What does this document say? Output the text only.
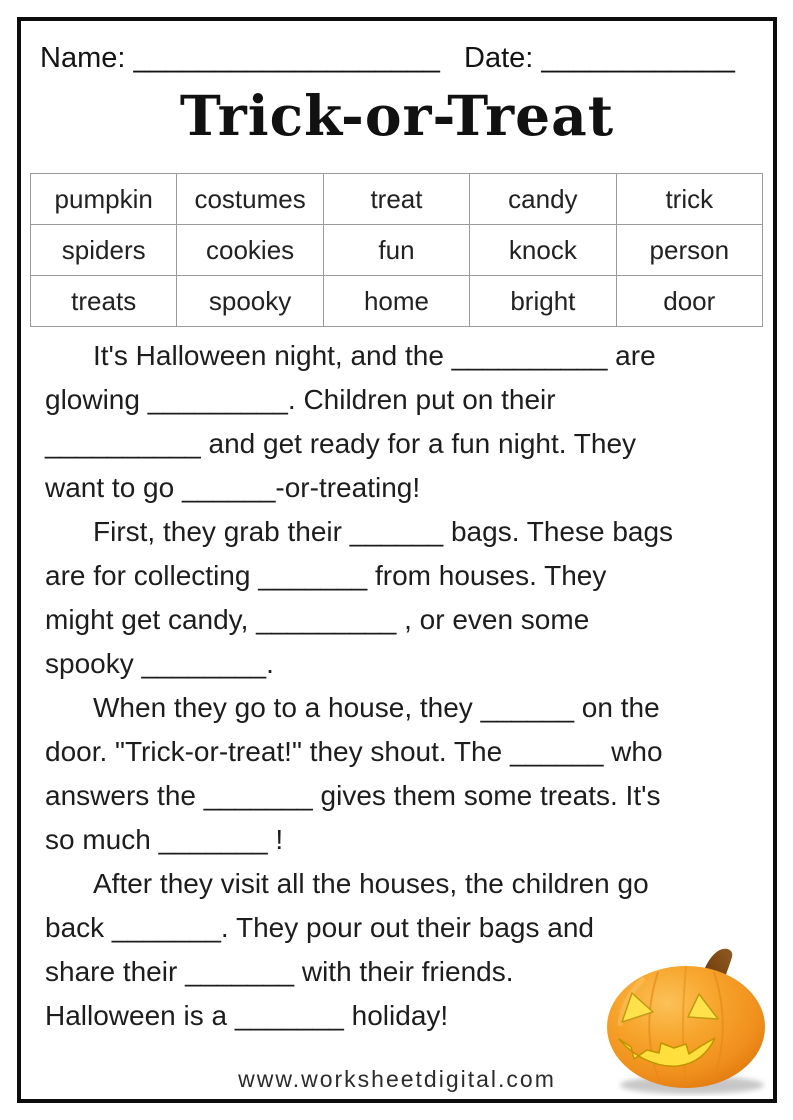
Name: ___________________ Date: ____________
Trick-or-Treat
pumpkin	costumes	treat	candy	trick
spiders	cookies	fun	knock	person
treats	spooky	home	bright	door
It's Halloween night, and the __________ are
glowing _________. Children put on their
__________ and get ready for a fun night. They
want to go ______-or-treating!
First, they grab their ______ bags. These bags
are for collecting _______ from houses. They
might get candy, _________ , or even some
spooky ________.
When they go to a house, they ______ on the
door. "Trick-or-treat!" they shout. The ______ who
answers the _______ gives them some treats. It's
so much _______ !
After they visit all the houses, the children go
back _______. They pour out their bags and
share their _______ with their friends.
Halloween is a _______ holiday!
www.worksheetdigital.com
